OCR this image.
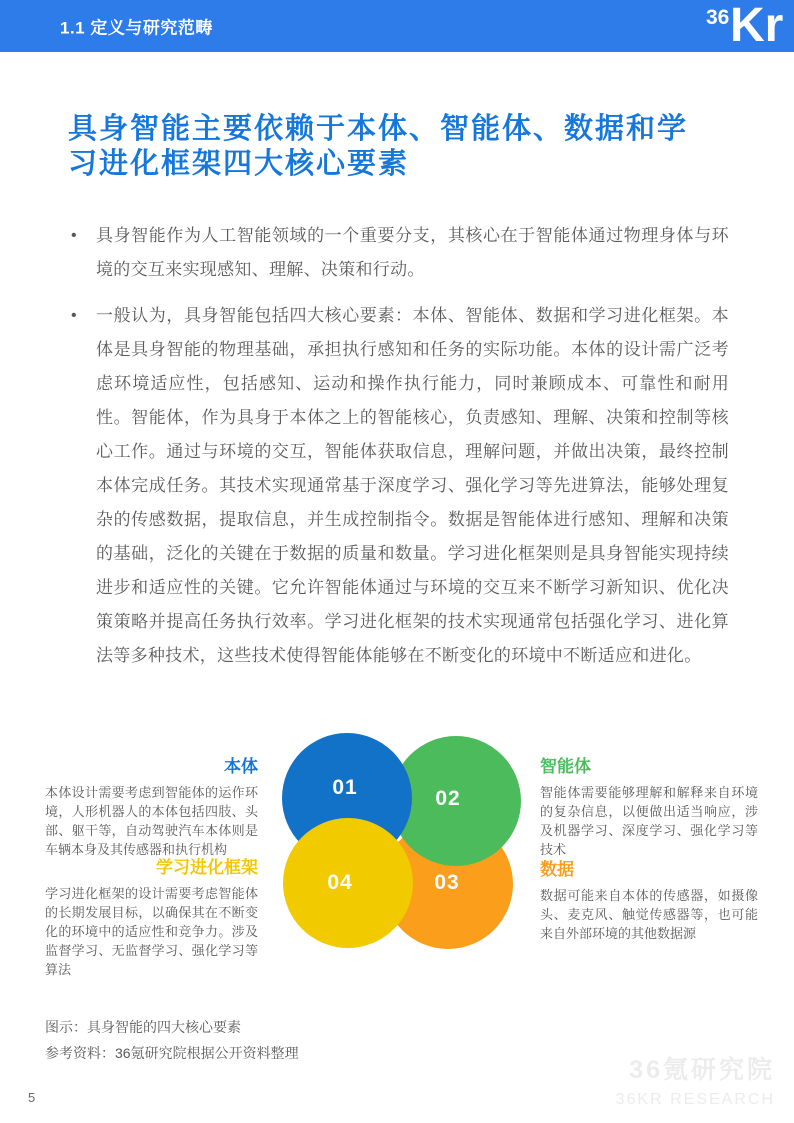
1.1 定义与研究范畴	36 Kr
具身智能主要依赖于本体、智能体、数据和学
习进化框架四大核心要素
•	具身智能作为人工智能领域的一个重要分支，其核心在于智能体通过物理身体与环境的交互来实现感知、理解、决策和行动。
•	一般认为，具身智能包括四大核心要素：本体、智能体、数据和学习进化框架。本体是具身智能的物理基础，承担执行感知和任务的实际功能。本体的设计需广泛考虑环境适应性，包括感知、运动和操作执行能力，同时兼顾成本、可靠性和耐用性。智能体，作为具身于本体之上的智能核心，负责感知、理解、决策和控制等核心工作。通过与环境的交互，智能体获取信息，理解问题，并做出决策，最终控制本体完成任务。其技术实现通常基于深度学习、强化学习等先进算法，能够处理复杂的传感数据，提取信息，并生成控制指令。数据是智能体进行感知、理解和决策的基础，泛化的关键在于数据的质量和数量。学习进化框架则是具身智能实现持续进步和适应性的关键。它允许智能体通过与环境的交互来不断学习新知识、优化决策策略并提高任务执行效率。学习进化框架的技术实现通常包括强化学习、进化算法等多种技术，这些技术使得智能体能够在不断变化的环境中不断适应和进化。
03
02
01
04
本体
本体设计需要考虑到智能体的运作环境，人形机器人的本体包括四肢、头部、躯干等，自动驾驶汽车本体则是车辆本身及其传感器和执行机构
学习进化框架
学习进化框架的设计需要考虑智能体的长期发展目标，以确保其在不断变化的环境中的适应性和竞争力。涉及监督学习、无监督学习、强化学习等算法
智能体
智能体需要能够理解和解释来自环境的复杂信息，以便做出适当响应，涉及机器学习、深度学习、强化学习等技术
数据
数据可能来自本体的传感器，如摄像头、麦克风、触觉传感器等，也可能来自外部环境的其他数据源
图示：具身智能的四大核心要素
参考资料：36氪研究院根据公开资料整理
36氪研究院
36KR RESEARCH
5
